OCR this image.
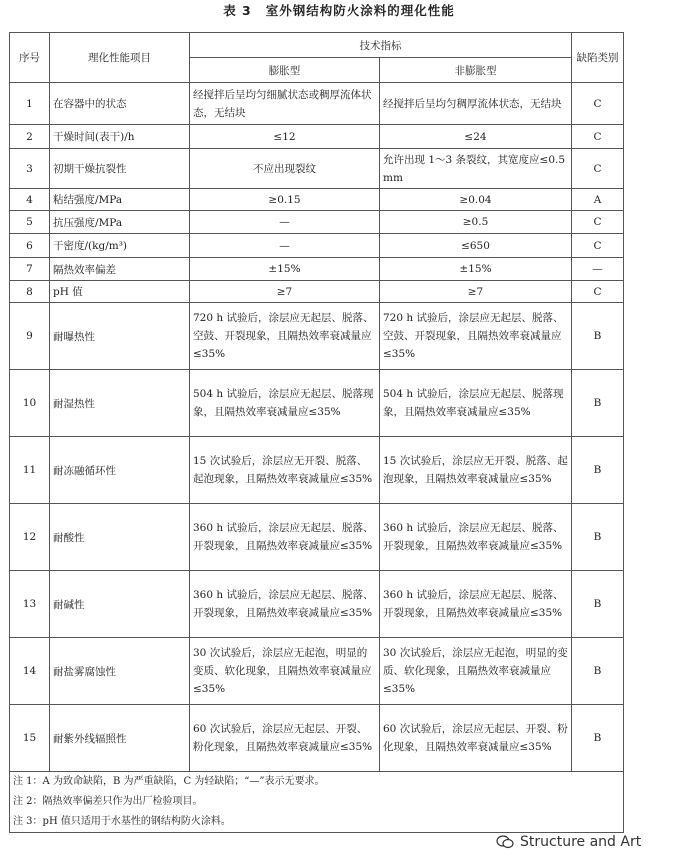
表 3 室外钢结构防火涂料的理化性能
序号	理化性能项目	技术指标		缺陷类别
		膨胀型	非膨胀型	
1	在容器中的状态	经搅拌后呈均匀细腻状态或稠厚流体状态，无结块	经搅拌后呈均匀稠厚流体状态，无结块	C
2	干燥时间(表干)/h	≤12	≤24	C
3	初期干燥抗裂性	不应出现裂纹	允许出现 1～3 条裂纹，其宽度应≤0.5 mm	C
4	粘结强度/MPa	≥0.15	≥0.04	A
5	抗压强度/MPa	—	≥0.5	C
6	干密度/(kg/m³)	—	≤650	C
7	隔热效率偏差	±15%	±15%	—
8	pH 值	≥7	≥7	C
9	耐曝热性	720 h 试验后，涂层应无起层、脱落、空鼓、开裂现象，且隔热效率衰减量应≤35%	720 h 试验后，涂层应无起层、脱落、空鼓、开裂现象，且隔热效率衰减量应≤35%	B
10	耐湿热性	504 h 试验后，涂层应无起层、脱落现象，且隔热效率衰减量应≤35%	504 h 试验后，涂层应无起层、脱落现象，且隔热效率衰减量应≤35%	B
11	耐冻融循环性	15 次试验后，涂层应无开裂、脱落、起泡现象，且隔热效率衰减量应≤35%	15 次试验后，涂层应无开裂、脱落、起泡现象，且隔热效率衰减量应≤35%	B
12	耐酸性	360 h 试验后，涂层应无起层、脱落、开裂现象，且隔热效率衰减量应≤35%	360 h 试验后，涂层应无起层、脱落、开裂现象，且隔热效率衰减量应≤35%	B
13	耐碱性	360 h 试验后，涂层应无起层、脱落、开裂现象，且隔热效率衰减量应≤35%	360 h 试验后，涂层应无起层、脱落、开裂现象，且隔热效率衰减量应≤35%	B
14	耐盐雾腐蚀性	30 次试验后，涂层应无起泡，明显的变质、软化现象，且隔热效率衰减量应≤35%	30 次试验后，涂层应无起泡，明显的变质、软化现象，且隔热效率衰减量应≤35%	B
15	耐紫外线辐照性	60 次试验后，涂层应无起层、开裂、粉化现象，且隔热效率衰减量应≤35%	60 次试验后，涂层应无起层、开裂、粉化现象，且隔热效率衰减量应≤35%	B

注 1：A 为致命缺陷，B 为严重缺陷，C 为轻缺陷；“—”表示无要求。
注 2：隔热效率偏差只作为出厂检验项目。
注 3：pH 值只适用于水基性的钢结构防火涂料。				
Structure and Art
